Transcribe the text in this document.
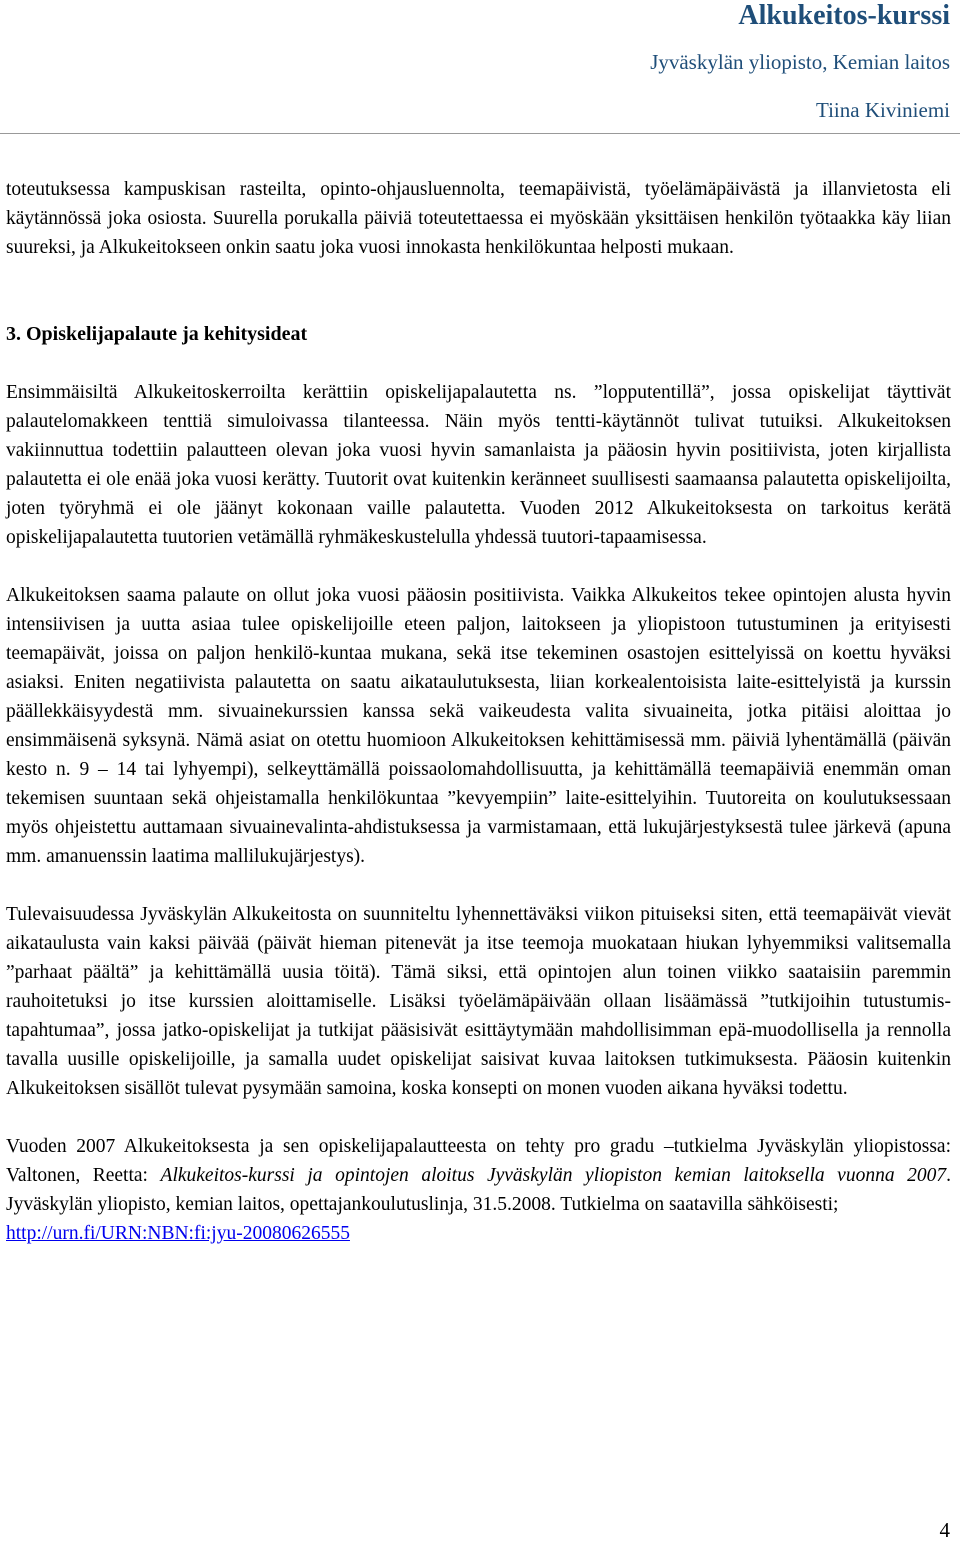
Alkukeitos-kurssi
Jyväskylän yliopisto, Kemian laitos
Tiina Kiviniemi

toteutuksessa kampuskisan rasteilta, opinto-ohjausluennolta, teemapäivistä, työelämäpäivästä ja illanvietosta eli käytännössä joka osiosta. Suurella porukalla päiviä toteutettaessa ei myöskään yksittäisen henkilön työtaakka käy liian suureksi, ja Alkukeitokseen onkin saatu joka vuosi innokasta henkilökuntaa helposti mukaan.

3. Opiskelijapalaute ja kehitysideat

Ensimmäisiltä Alkukeitoskerroilta kerättiin opiskelijapalautetta ns. ”lopputentillä”, jossa opiskelijat täyttivät palautelomakkeen tenttiä simuloivassa tilanteessa. Näin myös tentti-käytännöt tulivat tutuiksi. Alkukeitoksen vakiinnuttua todettiin palautteen olevan joka vuosi hyvin samanlaista ja pääosin hyvin positiivista, joten kirjallista palautetta ei ole enää joka vuosi kerätty. Tuutorit ovat kuitenkin keränneet suullisesti saamaansa palautetta opiskelijoilta, joten työryhmä ei ole jäänyt kokonaan vaille palautetta. Vuoden 2012 Alkukeitoksesta on tarkoitus kerätä opiskelijapalautetta tuutorien vetämällä ryhmäkeskustelulla yhdessä tuutori-tapaamisessa.

Alkukeitoksen saama palaute on ollut joka vuosi pääosin positiivista. Vaikka Alkukeitos tekee opintojen alusta hyvin intensiivisen ja uutta asiaa tulee opiskelijoille eteen paljon, laitokseen ja yliopistoon tutustuminen ja erityisesti teemapäivät, joissa on paljon henkilö-kuntaa mukana, sekä itse tekeminen osastojen esittelyissä on koettu hyväksi asiaksi. Eniten negatiivista palautetta on saatu aikataulutuksesta, liian korkealentoisista laite-esittelyistä ja kurssin päällekkäisyydestä mm. sivuainekurssien kanssa sekä vaikeudesta valita sivuaineita, jotka pitäisi aloittaa jo ensimmäisenä syksynä. Nämä asiat on otettu huomioon Alkukeitoksen kehittämisessä mm. päiviä lyhentämällä (päivän kesto n. 9 – 14 tai lyhyempi), selkeyttämällä poissaolomahdollisuutta, ja kehittämällä teemapäiviä enemmän oman tekemisen suuntaan sekä ohjeistamalla henkilökuntaa ”kevyempiin” laite-esittelyihin. Tuutoreita on koulutuksessaan myös ohjeistettu auttamaan sivuainevalinta-ahdistuksessa ja varmistamaan, että lukujärjestyksestä tulee järkevä (apuna mm. amanuenssin laatima mallilukujärjestys).

Tulevaisuudessa Jyväskylän Alkukeitosta on suunniteltu lyhennettäväksi viikon pituiseksi siten, että teemapäivät vievät aikataulusta vain kaksi päivää (päivät hieman pitenevät ja itse teemoja muokataan hiukan lyhyemmiksi valitsemalla ”parhaat päältä” ja kehittämällä uusia töitä). Tämä siksi, että opintojen alun toinen viikko saataisiin paremmin rauhoitetuksi jo itse kurssien aloittamiselle. Lisäksi työelämäpäivään ollaan lisäämässä ”tutkijoihin tutustumis-tapahtumaa”, jossa jatko-opiskelijat ja tutkijat pääsisivät esittäytymään mahdollisimman epä-muodollisella ja rennolla tavalla uusille opiskelijoille, ja samalla uudet opiskelijat saisivat kuvaa laitoksen tutkimuksesta. Pääosin kuitenkin Alkukeitoksen sisällöt tulevat pysymään samoina, koska konsepti on monen vuoden aikana hyväksi todettu.

Vuoden 2007 Alkukeitoksesta ja sen opiskelijapalautteesta on tehty pro gradu –tutkielma Jyväskylän yliopistossa: Valtonen, Reetta: Alkukeitos-kurssi ja opintojen aloitus Jyväskylän yliopiston kemian laitoksella vuonna 2007. Jyväskylän yliopisto, kemian laitos, opettajankoulutuslinja, 31.5.2008. Tutkielma on saatavilla sähköisesti;
http://urn.fi/URN:NBN:fi:jyu-20080626555

4
